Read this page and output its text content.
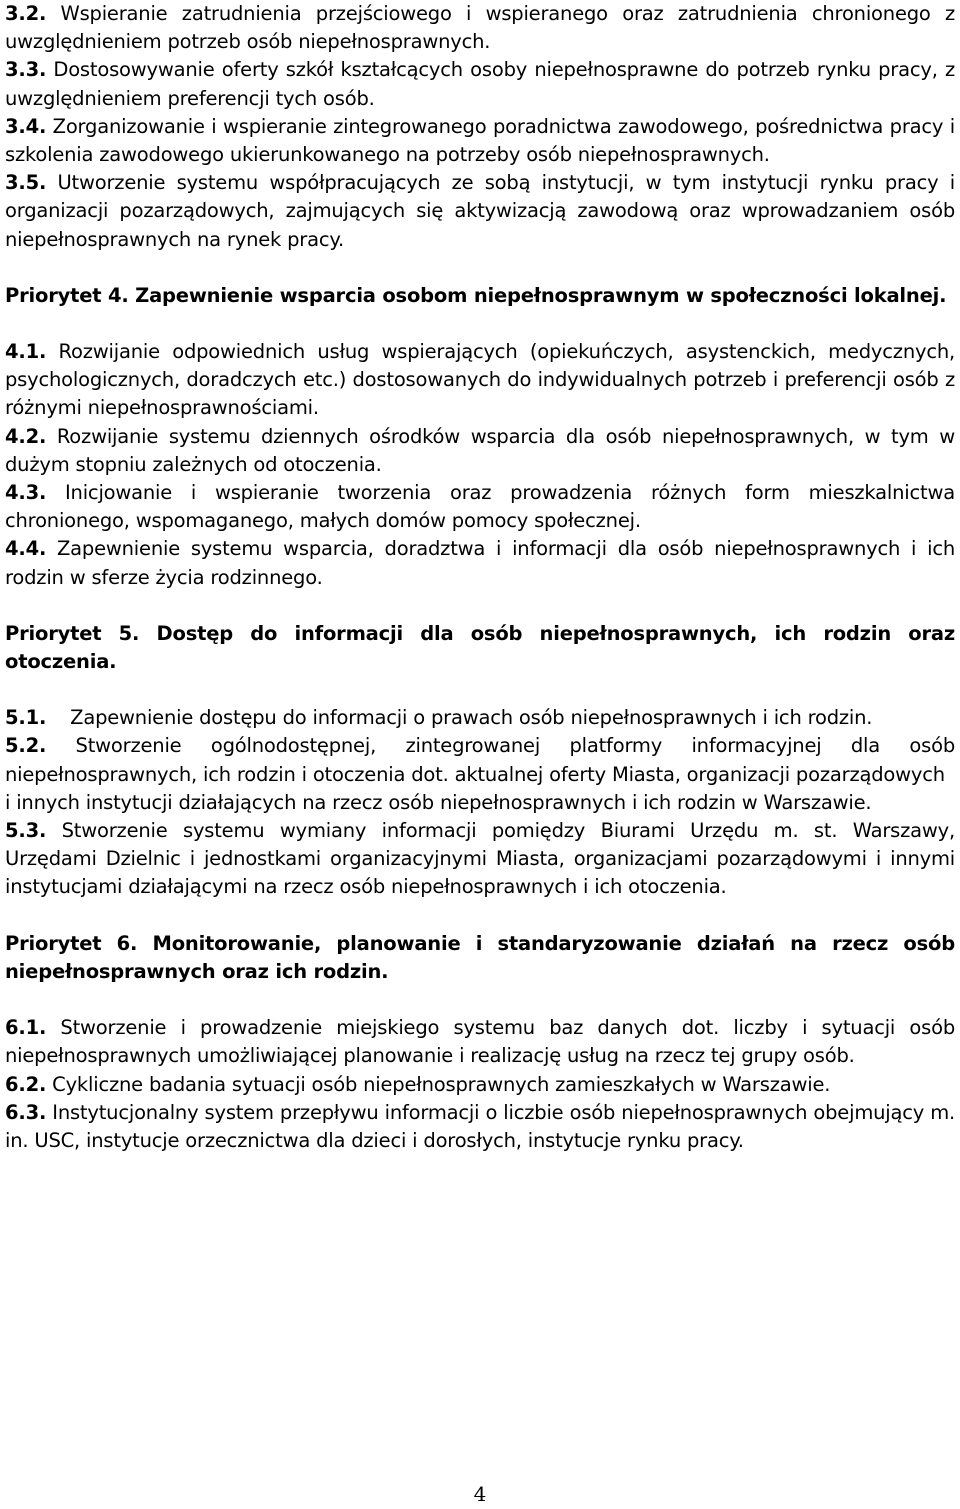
3.2. Wspieranie zatrudnienia przejściowego i wspieranego oraz zatrudnienia chronionego z uwzględnieniem potrzeb osób niepełnosprawnych.

3.3. Dostosowywanie oferty szkół kształcących osoby niepełnosprawne do potrzeb rynku pracy, z uwzględnieniem preferencji tych osób.

3.4. Zorganizowanie i wspieranie zintegrowanego poradnictwa zawodowego, pośrednictwa pracy i szkolenia zawodowego ukierunkowanego na potrzeby osób niepełnosprawnych.

3.5. Utworzenie systemu współpracujących ze sobą instytucji, w tym instytucji rynku pracy i organizacji pozarządowych, zajmujących się aktywizacją zawodową oraz wprowadzaniem osób niepełnosprawnych na rynek pracy.

Priorytet 4. Zapewnienie wsparcia osobom niepełnosprawnym w społeczności lokalnej.

4.1. Rozwijanie odpowiednich usług wspierających (opiekuńczych, asystenckich, medycznych, psychologicznych, doradczych etc.) dostosowanych do indywidualnych potrzeb i preferencji osób z różnymi niepełnosprawnościami.

4.2. Rozwijanie systemu dziennych ośrodków wsparcia dla osób niepełnosprawnych, w tym w dużym stopniu zależnych od otoczenia.

4.3. Inicjowanie i wspieranie tworzenia oraz prowadzenia różnych form mieszkalnictwa chronionego, wspomaganego, małych domów pomocy społecznej.

4.4. Zapewnienie systemu wsparcia, doradztwa i informacji dla osób niepełnosprawnych i ich rodzin w sferze życia rodzinnego.

Priorytet 5. Dostęp do informacji dla osób niepełnosprawnych, ich rodzin oraz otoczenia.

5.1. Zapewnienie dostępu do informacji o prawach osób niepełnosprawnych i ich rodzin.

5.2. Stworzenie ogólnodostępnej, zintegrowanej platformy informacyjnej dla osób niepełnosprawnych, ich rodzin i otoczenia dot. aktualnej oferty Miasta, organizacji pozarządowych

i innych instytucji działających na rzecz osób niepełnosprawnych i ich rodzin w Warszawie.

5.3. Stworzenie systemu wymiany informacji pomiędzy Biurami Urzędu m. st. Warszawy, Urzędami Dzielnic i jednostkami organizacyjnymi Miasta, organizacjami pozarządowymi i innymi instytucjami działającymi na rzecz osób niepełnosprawnych i ich otoczenia.

Priorytet 6. Monitorowanie, planowanie i standaryzowanie działań na rzecz osób niepełnosprawnych oraz ich rodzin.

6.1. Stworzenie i prowadzenie miejskiego systemu baz danych dot. liczby i sytuacji osób niepełnosprawnych umożliwiającej planowanie i realizację usług na rzecz tej grupy osób.

6.2. Cykliczne badania sytuacji osób niepełnosprawnych zamieszkałych w Warszawie.

6.3. Instytucjonalny system przepływu informacji o liczbie osób niepełnosprawnych obejmujący m. in. USC, instytucje orzecznictwa dla dzieci i dorosłych, instytucje rynku pracy.

4
